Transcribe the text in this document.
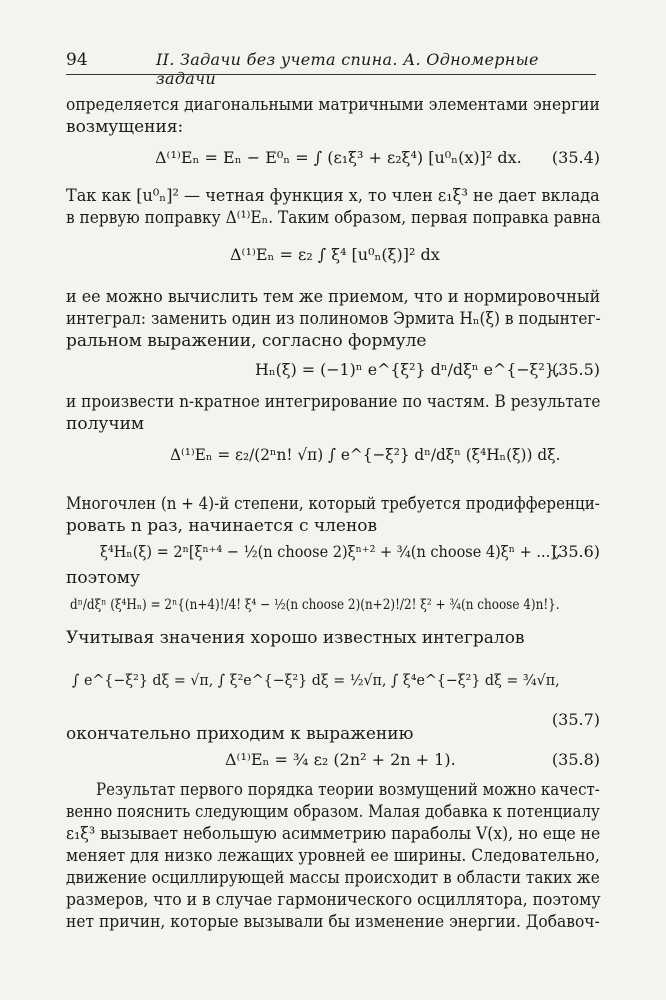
94	II. Задачи без учета спина. А. Одномерные задачи
определяется диагональными матричными элементами энергии
возмущения:
Δ⁽¹⁾Eₙ = Eₙ − E⁰ₙ = ∫ (ε₁ξ³ + ε₂ξ⁴) [u⁰ₙ(x)]² dx. (35.4)
Так как [u⁰ₙ]² — четная функция x, то член ε₁ξ³ не дает вклада
в первую поправку Δ⁽¹⁾Eₙ. Таким образом, первая поправка равна
Δ⁽¹⁾Eₙ = ε₂ ∫ ξ⁴ [u⁰ₙ(ξ)]² dx
и ее можно вычислить тем же приемом, что и нормировочный
интеграл: заменить один из полиномов Эрмита Hₙ(ξ) в подынтег-
ральном выражении, согласно формуле
Hₙ(ξ) = (−1)ⁿ e^{ξ²} dⁿ/dξⁿ e^{−ξ²},
(35.5)
и произвести n-кратное интегрирование по частям. В результате
получим
Δ⁽¹⁾Eₙ = ε₂/(2ⁿn! √π) ∫ e^{−ξ²} dⁿ/dξⁿ (ξ⁴Hₙ(ξ)) dξ.
Многочлен (n + 4)-й степени, который требуется продифференци-
ровать n раз, начинается с членов
ξ⁴Hₙ(ξ) = 2ⁿ[ξⁿ⁺⁴ − ½(n choose 2)ξⁿ⁺² + ¾(n choose 4)ξⁿ + ...],
(35.6)
поэтому
dⁿ/dξⁿ (ξ⁴Hₙ) = 2ⁿ{(n+4)!/4! ξ⁴ − ½(n choose 2)(n+2)!/2! ξ² + ¾(n choose 4)n!}.
Учитывая значения хорошо известных интегралов
∫ e^{−ξ²} dξ = √π, ∫ ξ²e^{−ξ²} dξ = ½√π, ∫ ξ⁴e^{−ξ²} dξ = ¾√π,
(35.7)
окончательно приходим к выражению
Δ⁽¹⁾Eₙ = ¾ ε₂ (2n² + 2n + 1).	(35.8)
Результат первого порядка теории возмущений можно качест-
венно пояснить следующим образом. Малая добавка к потенциалу
ε₁ξ³ вызывает небольшую асимметрию параболы V(x), но еще не
меняет для низко лежащих уровней ее ширины. Следовательно,
движение осциллирующей массы происходит в области таких же
размеров, что и в случае гармонического осциллятора, поэтому
нет причин, которые вызывали бы изменение энергии. Добавоч-
